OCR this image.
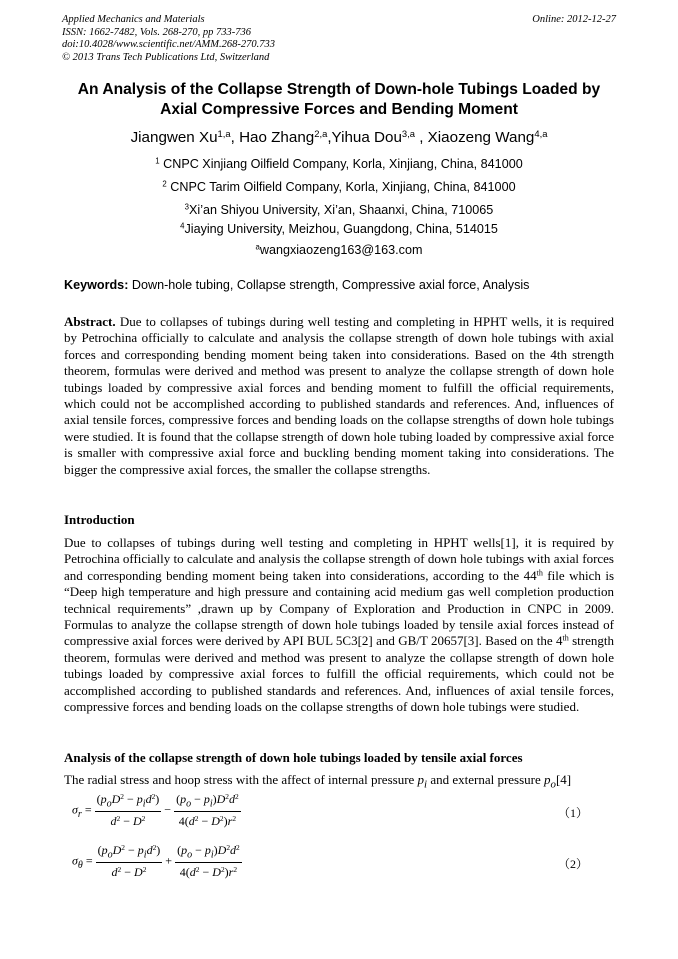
Applied Mechanics and Materials
ISSN: 1662-7482, Vols. 268-270, pp 733-736
doi:10.4028/www.scientific.net/AMM.268-270.733
© 2013 Trans Tech Publications Ltd, Switzerland
Online: 2012-12-27
An Analysis of the Collapse Strength of Down-hole Tubings Loaded by
Axial Compressive Forces and Bending Moment
Jiangwen Xu$^{1,a}$, Hao Zhang$^{2,a}$,Yihua Dou$^{3,a}$ , Xiaozeng Wang$^{4,a}$
$^1$ CNPC Xinjiang Oilfield Company, Korla, Xinjiang, China, 841000
$^2$ CNPC Tarim Oilfield Company, Korla, Xinjiang, China, 841000
$^3$Xi’an Shiyou University, Xi’an, Shaanxi, China, 710065
$^4$Jiaying University, Meizhou, Guangdong, China, 514015
$^a$wangxiaozeng163@163.com
Keywords: Down-hole tubing, Collapse strength, Compressive axial force, Analysis

Abstract. Due to collapses of tubings during well testing and completing in HPHT wells, it is required by Petrochina officially to calculate and analysis the collapse strength of down hole tubings with axial forces and corresponding bending moment being taken into considerations. Based on the 4th strength theorem, formulas were derived and method was present to analyze the collapse strength of down hole tubings loaded by compressive axial forces and bending moment to fulfill the official requirements, which could not be accomplished according to published standards and references. And, influences of axial tensile forces, compressive forces and bending loads on the collapse strengths of down hole tubings were studied. It is found that the collapse strength of down hole tubing loaded by compressive axial force is smaller with compressive axial force and buckling bending moment taking into considerations. The bigger the compressive axial forces, the smaller the collapse strengths.

Introduction

Due to collapses of tubings during well testing and completing in HPHT wells[1], it is required by Petrochina officially to calculate and analysis the collapse strength of down hole tubings with axial forces and corresponding bending moment being taken into considerations, according to the 44th file which is “Deep high temperature and high pressure and containing acid medium gas well completion production technical requirements” ,drawn up by Company of Exploration and Production in CNPC in 2009. Formulas to analyze the collapse strength of down hole tubings loaded by tensile axial forces instead of compressive axial forces were derived by API BUL 5C3[2] and GB/T 20657[3]. Based on the 4th strength theorem, formulas were derived and method was present to analyze the collapse strength of down hole tubings loaded by compressive axial forces to fulfill the official requirements, which could not be accomplished according to published standards and references. And, influences of axial tensile forces, compressive forces and bending loads on the collapse strengths of down hole tubings were studied.

Analysis of the collapse strength of down hole tubings loaded by tensile axial forces

The radial stress and hoop stress with the affect of internal pressure $p_i$ and external pressure $p_o[4]$

$\sigma_r = \frac{(p_oD^2 - p_id^2)}{d^2 - D^2} - \frac{(p_o - p_i)D^2d^2}{4(d^2 - D^2)r^2}$	（1）
$\sigma_\theta = \frac{(p_oD^2 - p_id^2)}{d^2 - D^2} + \frac{(p_o - p_i)D^2d^2}{4(d^2 - D^2)r^2}$	（2）
